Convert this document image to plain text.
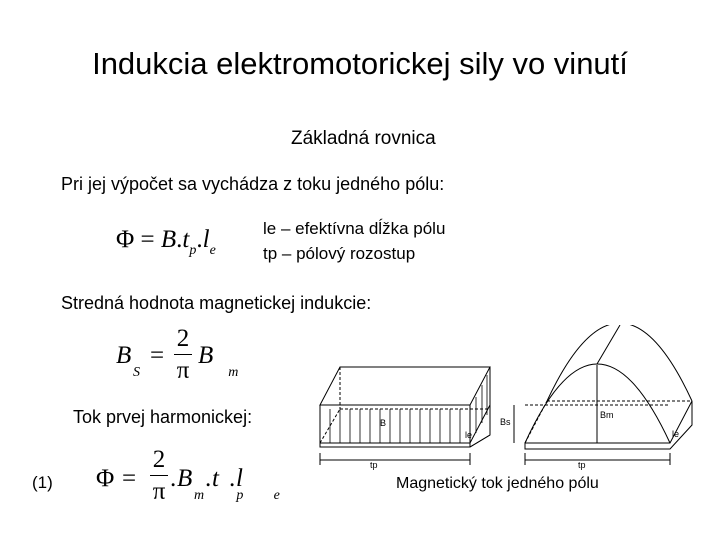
Indukcia elektromotorickej sily vo vinutí
Základná rovnica
Pri jej výpočet sa vychádza z toku jedného pólu:
le – efektívna dĺžka pólu
tp – pólový rozostup
Stredná hodnota magnetickej indukcie:
Tok prvej harmonickej:
(1)	Magnetický tok jedného pólu
$\Phi = B.t_p.l_e$
B
$_S$
=
2
π
B
$_m$
Φ =
2
π . B
$_m$
. t
$_p$
. l
$_e$
B
le
tp
Bs
Bm
le
tp
